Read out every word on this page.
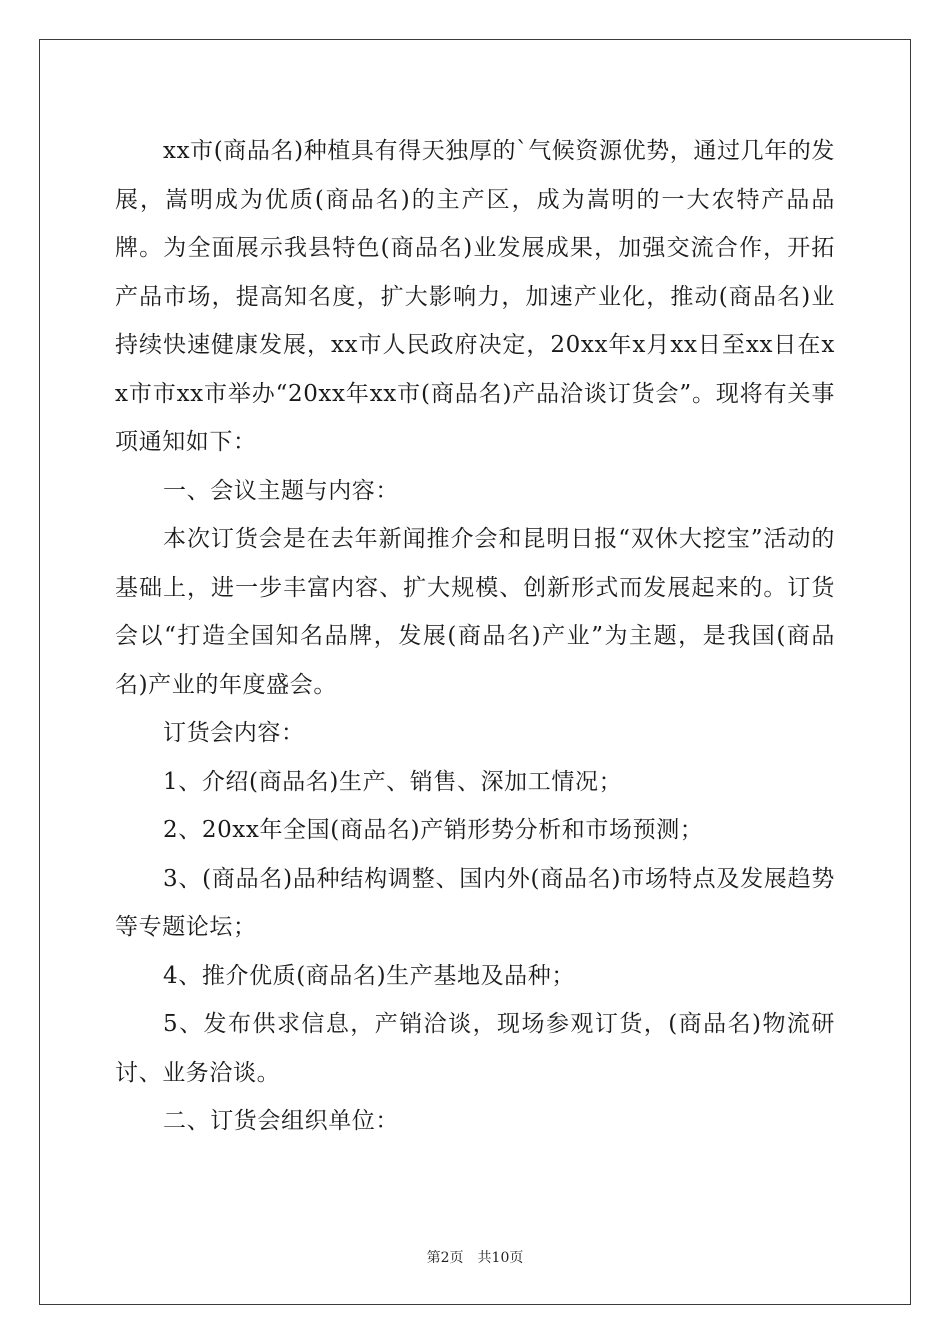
xx市(商品名)种植具有得天独厚的`气候资源优势，通过几年的发展，嵩明成为优质(商品名)的主产区，成为嵩明的一大农特产品品牌。为全面展示我县特色(商品名)业发展成果，加强交流合作，开拓产品市场，提高知名度，扩大影响力，加速产业化，推动(商品名)业持续快速健康发展，xx市人民政府决定，20xx年x月xx日至xx日在xx市市xx市举办“20xx年xx市(商品名)产品洽谈订货会”。现将有关事项通知如下：

一、会议主题与内容：

本次订货会是在去年新闻推介会和昆明日报“双休大挖宝”活动的基础上，进一步丰富内容、扩大规模、创新形式而发展起来的。订货会以“打造全国知名品牌，发展(商品名)产业”为主题，是我国(商品名)产业的年度盛会。

订货会内容：

1、介绍(商品名)生产、销售、深加工情况；

2、20xx年全国(商品名)产销形势分析和市场预测；

3、(商品名)品种结构调整、国内外(商品名)市场特点及发展趋势等专题论坛；

4、推介优质(商品名)生产基地及品种；

5、发布供求信息，产销洽谈，现场参观订货，(商品名)物流研讨、业务洽谈。

二、订货会组织单位：

第2页 共10页
